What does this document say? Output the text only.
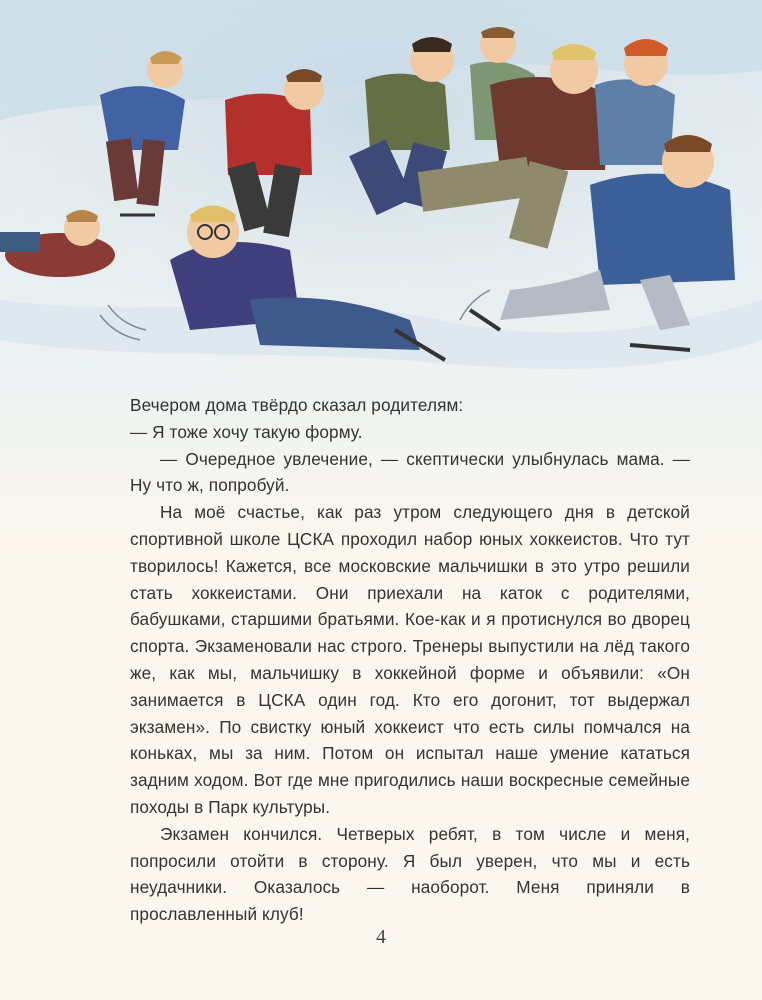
Вечером дома твёрдо сказал родителям:

— Я тоже хочу такую форму.

— Очередное увлечение, — скептически улыбнулась мама. — Ну что ж, попробуй.

На моё счастье, как раз утром следующего дня в детской спортивной школе ЦСКА проходил набор юных хоккеистов. Что тут творилось! Кажется, все московские мальчишки в это утро решили стать хоккеистами. Они приехали на каток с родителями, бабушками, старшими братьями. Кое-как и я протиснулся во дворец спорта. Экзаменовали нас строго. Тренеры выпустили на лёд такого же, как мы, мальчишку в хоккейной форме и объявили: «Он занимается в ЦСКА один год. Кто его догонит, тот выдержал экзамен». По свистку юный хоккеист что есть силы помчался на коньках, мы за ним. Потом он испытал наше умение кататься задним ходом. Вот где мне пригодились наши воскресные семейные походы в Парк культуры.

Экзамен кончился. Четверых ребят, в том числе и меня, попросили отойти в сторону. Я был уверен, что мы и есть неудачники. Оказалось — наоборот. Меня приняли в прославленный клуб!

4
